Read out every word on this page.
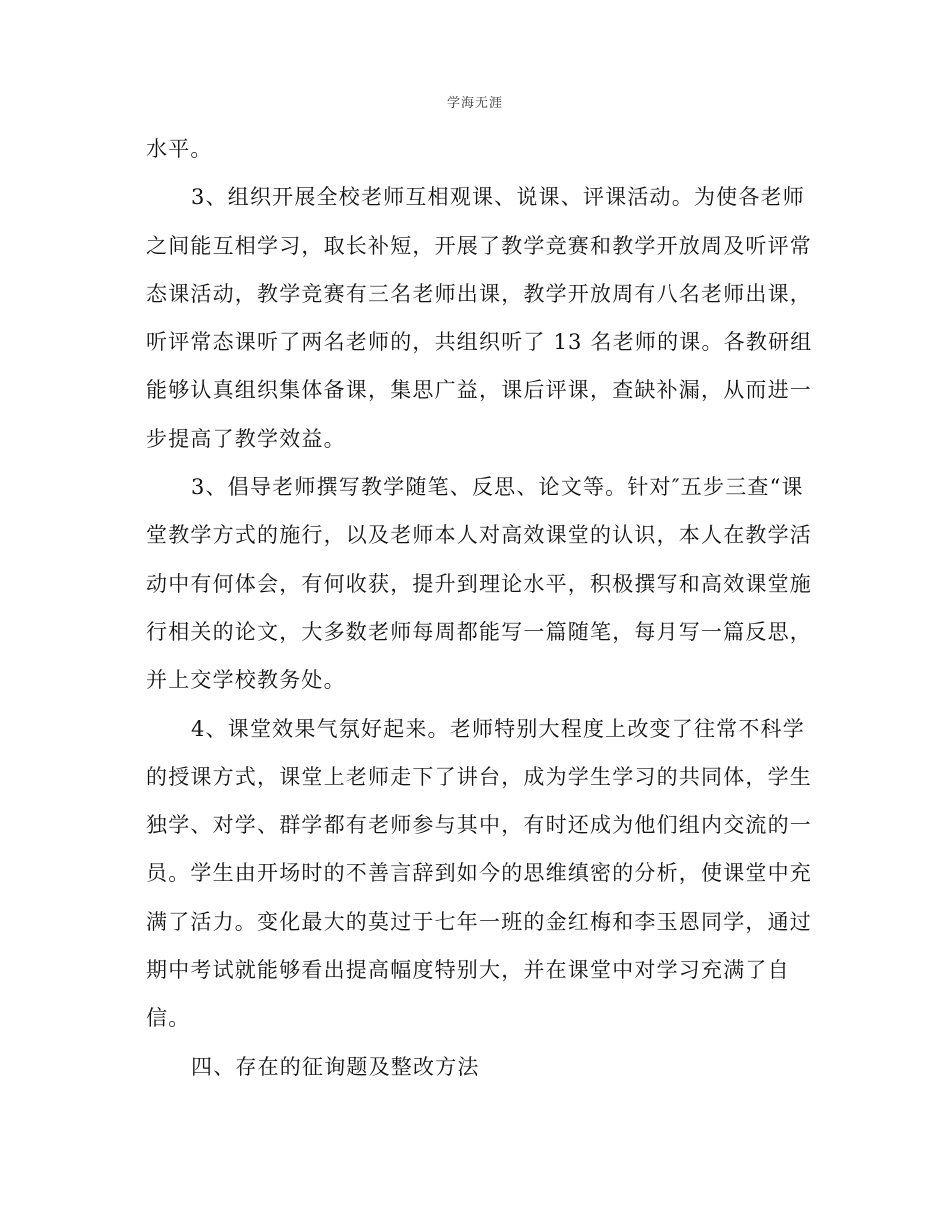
学海无涯
水平。
3、组织开展全校老师互相观课、说课、评课活动。为使各老师
之间能互相学习，取长补短，开展了教学竞赛和教学开放周及听评常
态课活动，教学竞赛有三名老师出课，教学开放周有八名老师出课，
听评常态课听了两名老师的，共组织听了 13 名老师的课。各教研组
能够认真组织集体备课，集思广益，课后评课，查缺补漏，从而进一
步提高了教学效益。
3、倡导老师撰写教学随笔、反思、论文等。针对″五步三查“课
堂教学方式的施行，以及老师本人对高效课堂的认识，本人在教学活
动中有何体会，有何收获，提升到理论水平，积极撰写和高效课堂施
行相关的论文，大多数老师每周都能写一篇随笔，每月写一篇反思，
并上交学校教务处。
4、课堂效果气氛好起来。老师特别大程度上改变了往常不科学
的授课方式，课堂上老师走下了讲台，成为学生学习的共同体，学生
独学、对学、群学都有老师参与其中，有时还成为他们组内交流的一
员。学生由开场时的不善言辞到如今的思维缜密的分析，使课堂中充
满了活力。变化最大的莫过于七年一班的金红梅和李玉恩同学，通过
期中考试就能够看出提高幅度特别大，并在课堂中对学习充满了自
信。
四、存在的征询题及整改方法
